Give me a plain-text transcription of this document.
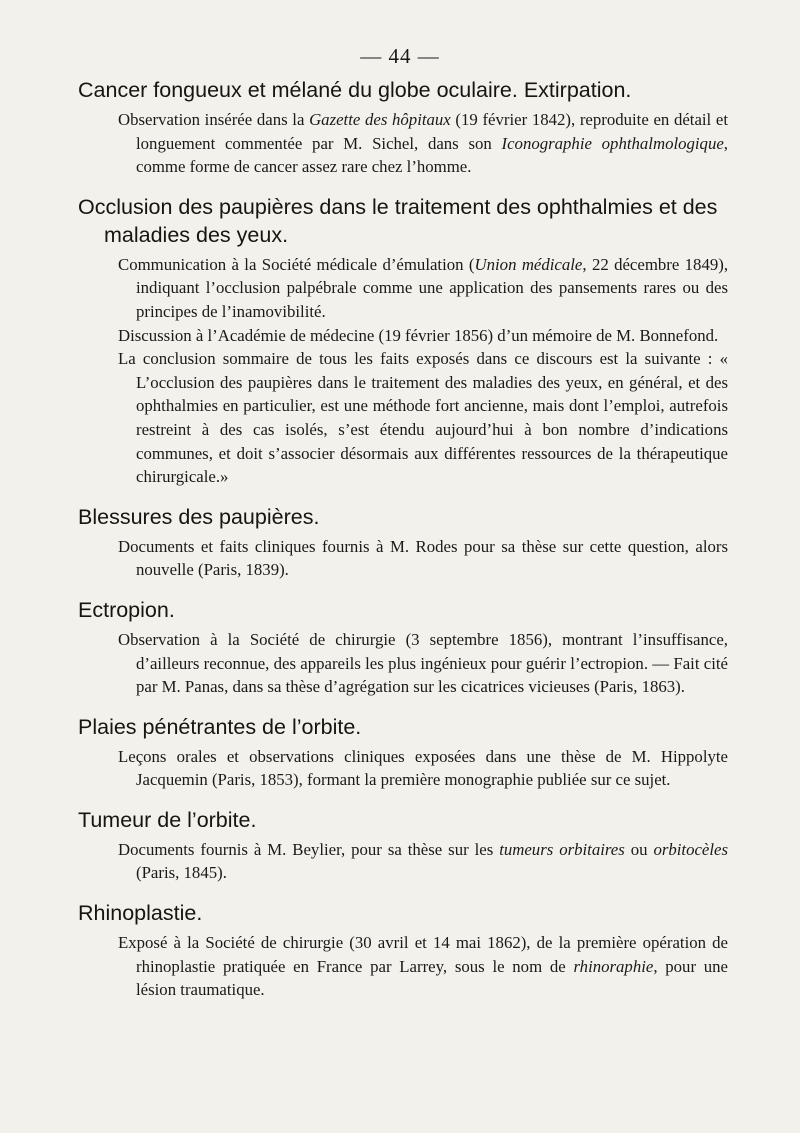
— 44 —
Cancer fongueux et mélané du globe oculaire. Extirpation.

Observation insérée dans la Gazette des hôpitaux (19 février 1842), reproduite en détail et longuement commentée par M. Sichel, dans son Iconographie ophthalmologique, comme forme de cancer assez rare chez l’homme.

Occlusion des paupières dans le traitement des ophthalmies et des maladies des yeux.

Communication à la Société médicale d’émulation (Union médicale, 22 décembre 1849), indiquant l’occlusion palpébrale comme une application des pansements rares ou des principes de l’inamovibilité.

Discussion à l’Académie de médecine (19 février 1856) d’un mémoire de M. Bonnefond.

La conclusion sommaire de tous les faits exposés dans ce discours est la suivante : « L’occlusion des paupières dans le traitement des maladies des yeux, en général, et des ophthalmies en particulier, est une méthode fort ancienne, mais dont l’emploi, autrefois restreint à des cas isolés, s’est étendu aujourd’hui à bon nombre d’indications communes, et doit s’associer désormais aux différentes ressources de la thérapeutique chirurgicale.»

Blessures des paupières.

Documents et faits cliniques fournis à M. Rodes pour sa thèse sur cette question, alors nouvelle (Paris, 1839).

Ectropion.

Observation à la Société de chirurgie (3 septembre 1856), montrant l’insuffisance, d’ailleurs reconnue, des appareils les plus ingénieux pour guérir l’ectropion. — Fait cité par M. Panas, dans sa thèse d’agrégation sur les cicatrices vicieuses (Paris, 1863).

Plaies pénétrantes de l’orbite.

Leçons orales et observations cliniques exposées dans une thèse de M. Hippolyte Jacquemin (Paris, 1853), formant la première monographie publiée sur ce sujet.

Tumeur de l’orbite.

Documents fournis à M. Beylier, pour sa thèse sur les tumeurs orbitaires ou orbitocèles (Paris, 1845).

Rhinoplastie.

Exposé à la Société de chirurgie (30 avril et 14 mai 1862), de la première opération de rhinoplastie pratiquée en France par Larrey, sous le nom de rhinoraphie, pour une lésion traumatique.
